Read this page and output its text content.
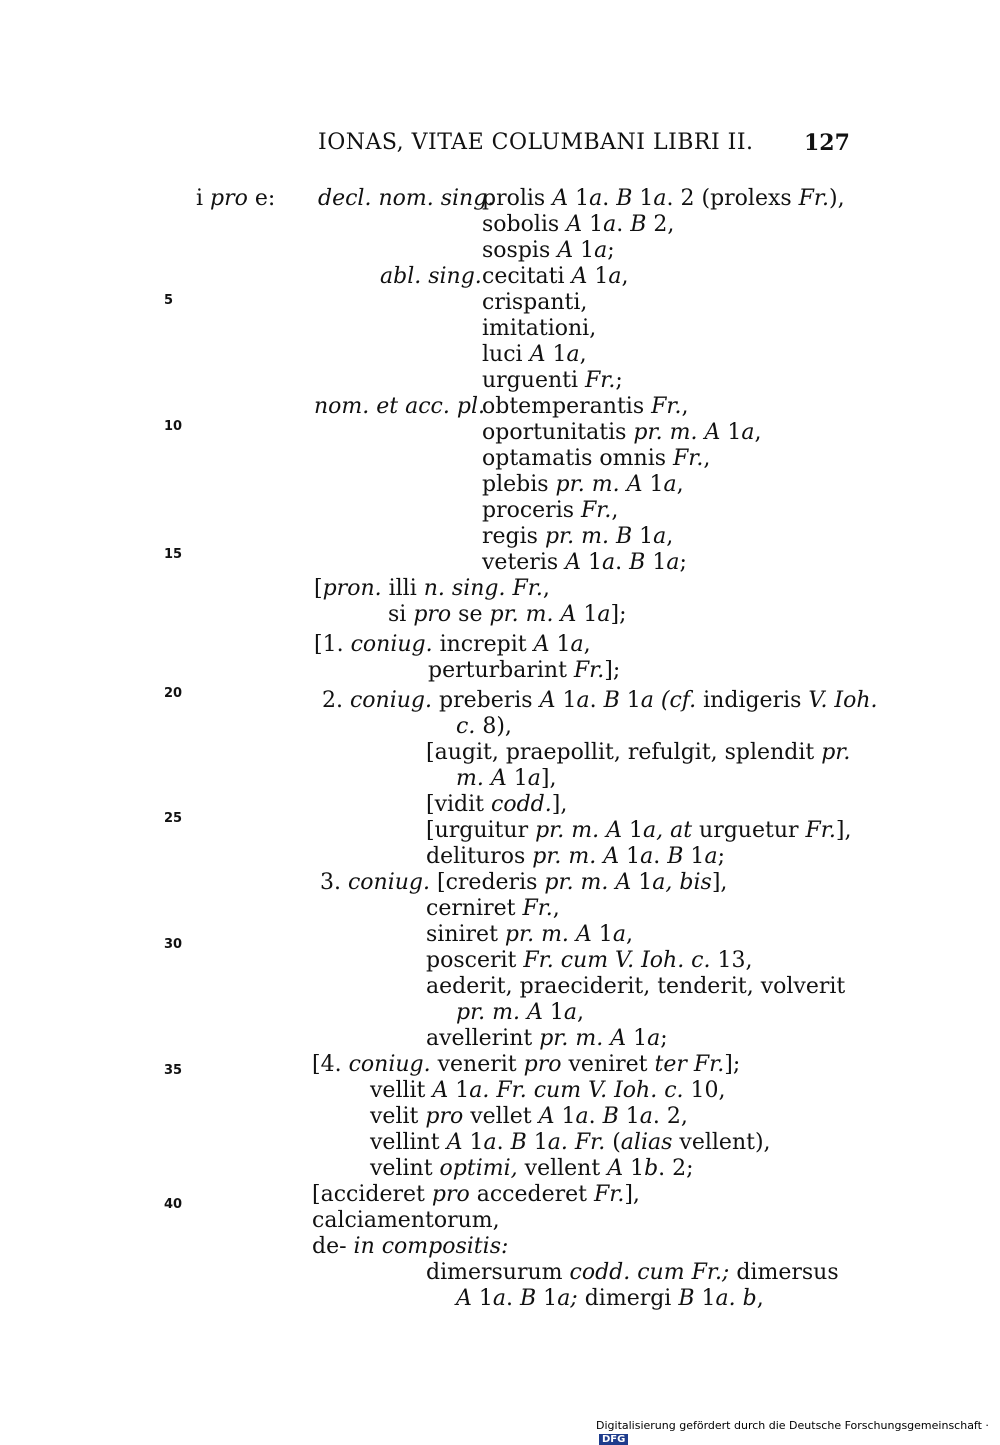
IONAS, VITAE COLUMBANI LIBRI II. 127
5
10
15
20
25
30
35
40
i pro e: decl. nom. sing.
prolis A 1a. B 1a. 2 (prolexs Fr.),
sobolis A 1a. B 2,
sospis A 1a;
abl. sing. cecitati A 1a,
crispanti,
imitationi,
luci A 1a,
urguenti Fr.;
nom. et acc. pl.
obtemperantis Fr.,
oportunitatis pr. m. A 1a,
optamatis omnis Fr.,
plebis pr. m. A 1a,
proceris Fr.,
regis pr. m. B 1a,
veteris A 1a. B 1a;
[pron. illi n. sing. Fr.,
si pro se pr. m. A 1a];
[1. coniug. increpit A 1a,
perturbarint Fr.];
2. coniug. preberis A 1a. B 1a (cf. indigeris V. Ioh.
c. 8),
[augit, praepollit, refulgit, splendit pr.
m. A 1a],
[vidit codd.],
[urguitur pr. m. A 1a, at urguetur Fr.],
delituros pr. m. A 1a. B 1a;
3. coniug. [crederis pr. m. A 1a, bis],
cerniret Fr.,
siniret pr. m. A 1a,
poscerit Fr. cum V. Ioh. c. 13,
aederit, praeciderit, tenderit, volverit
pr. m. A 1a,
avellerint pr. m. A 1a;
[4. coniug. venerit pro veniret ter Fr.];
vellit A 1a. Fr. cum V. Ioh. c. 10,
velit pro vellet A 1a. B 1a. 2,
vellint A 1a. B 1a. Fr. (alias vellent),
velint optimi, vellent A 1b. 2;
[accideret pro accederet Fr.],
calciamentorum,
de- in compositis:
dimersurum codd. cum Fr.; dimersus
A 1a. B 1a; dimergi B 1a. b,
Digitalisierung gefördert durch die Deutsche Forschungsgemeinschaft ·DFG
